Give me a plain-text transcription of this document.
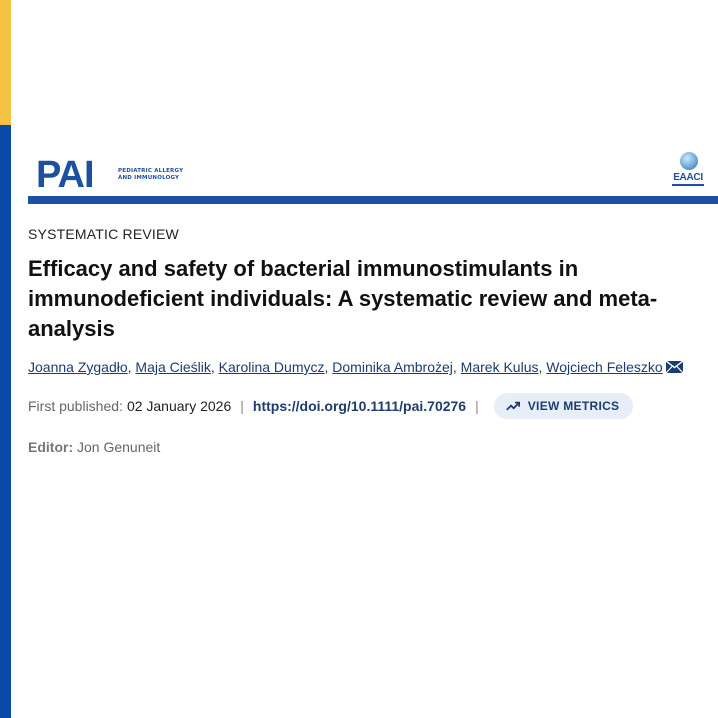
PAI	PEDIATRIC ALLERGY
AND IMMUNOLOGY	EAACI
SYSTEMATIC REVIEW
Efficacy and safety of bacterial immunostimulants in immunodeficient individuals: A systematic review and meta-analysis
Joanna Zygadło, Maja Cieślik, Karolina Dumycz, Dominika Ambrożej, Marek Kulus, Wojciech Feleszko
First published: 02 January 2026 | https://doi.org/10.1111/pai.70276 |	VIEW METRICS
Editor: Jon Genuneit
